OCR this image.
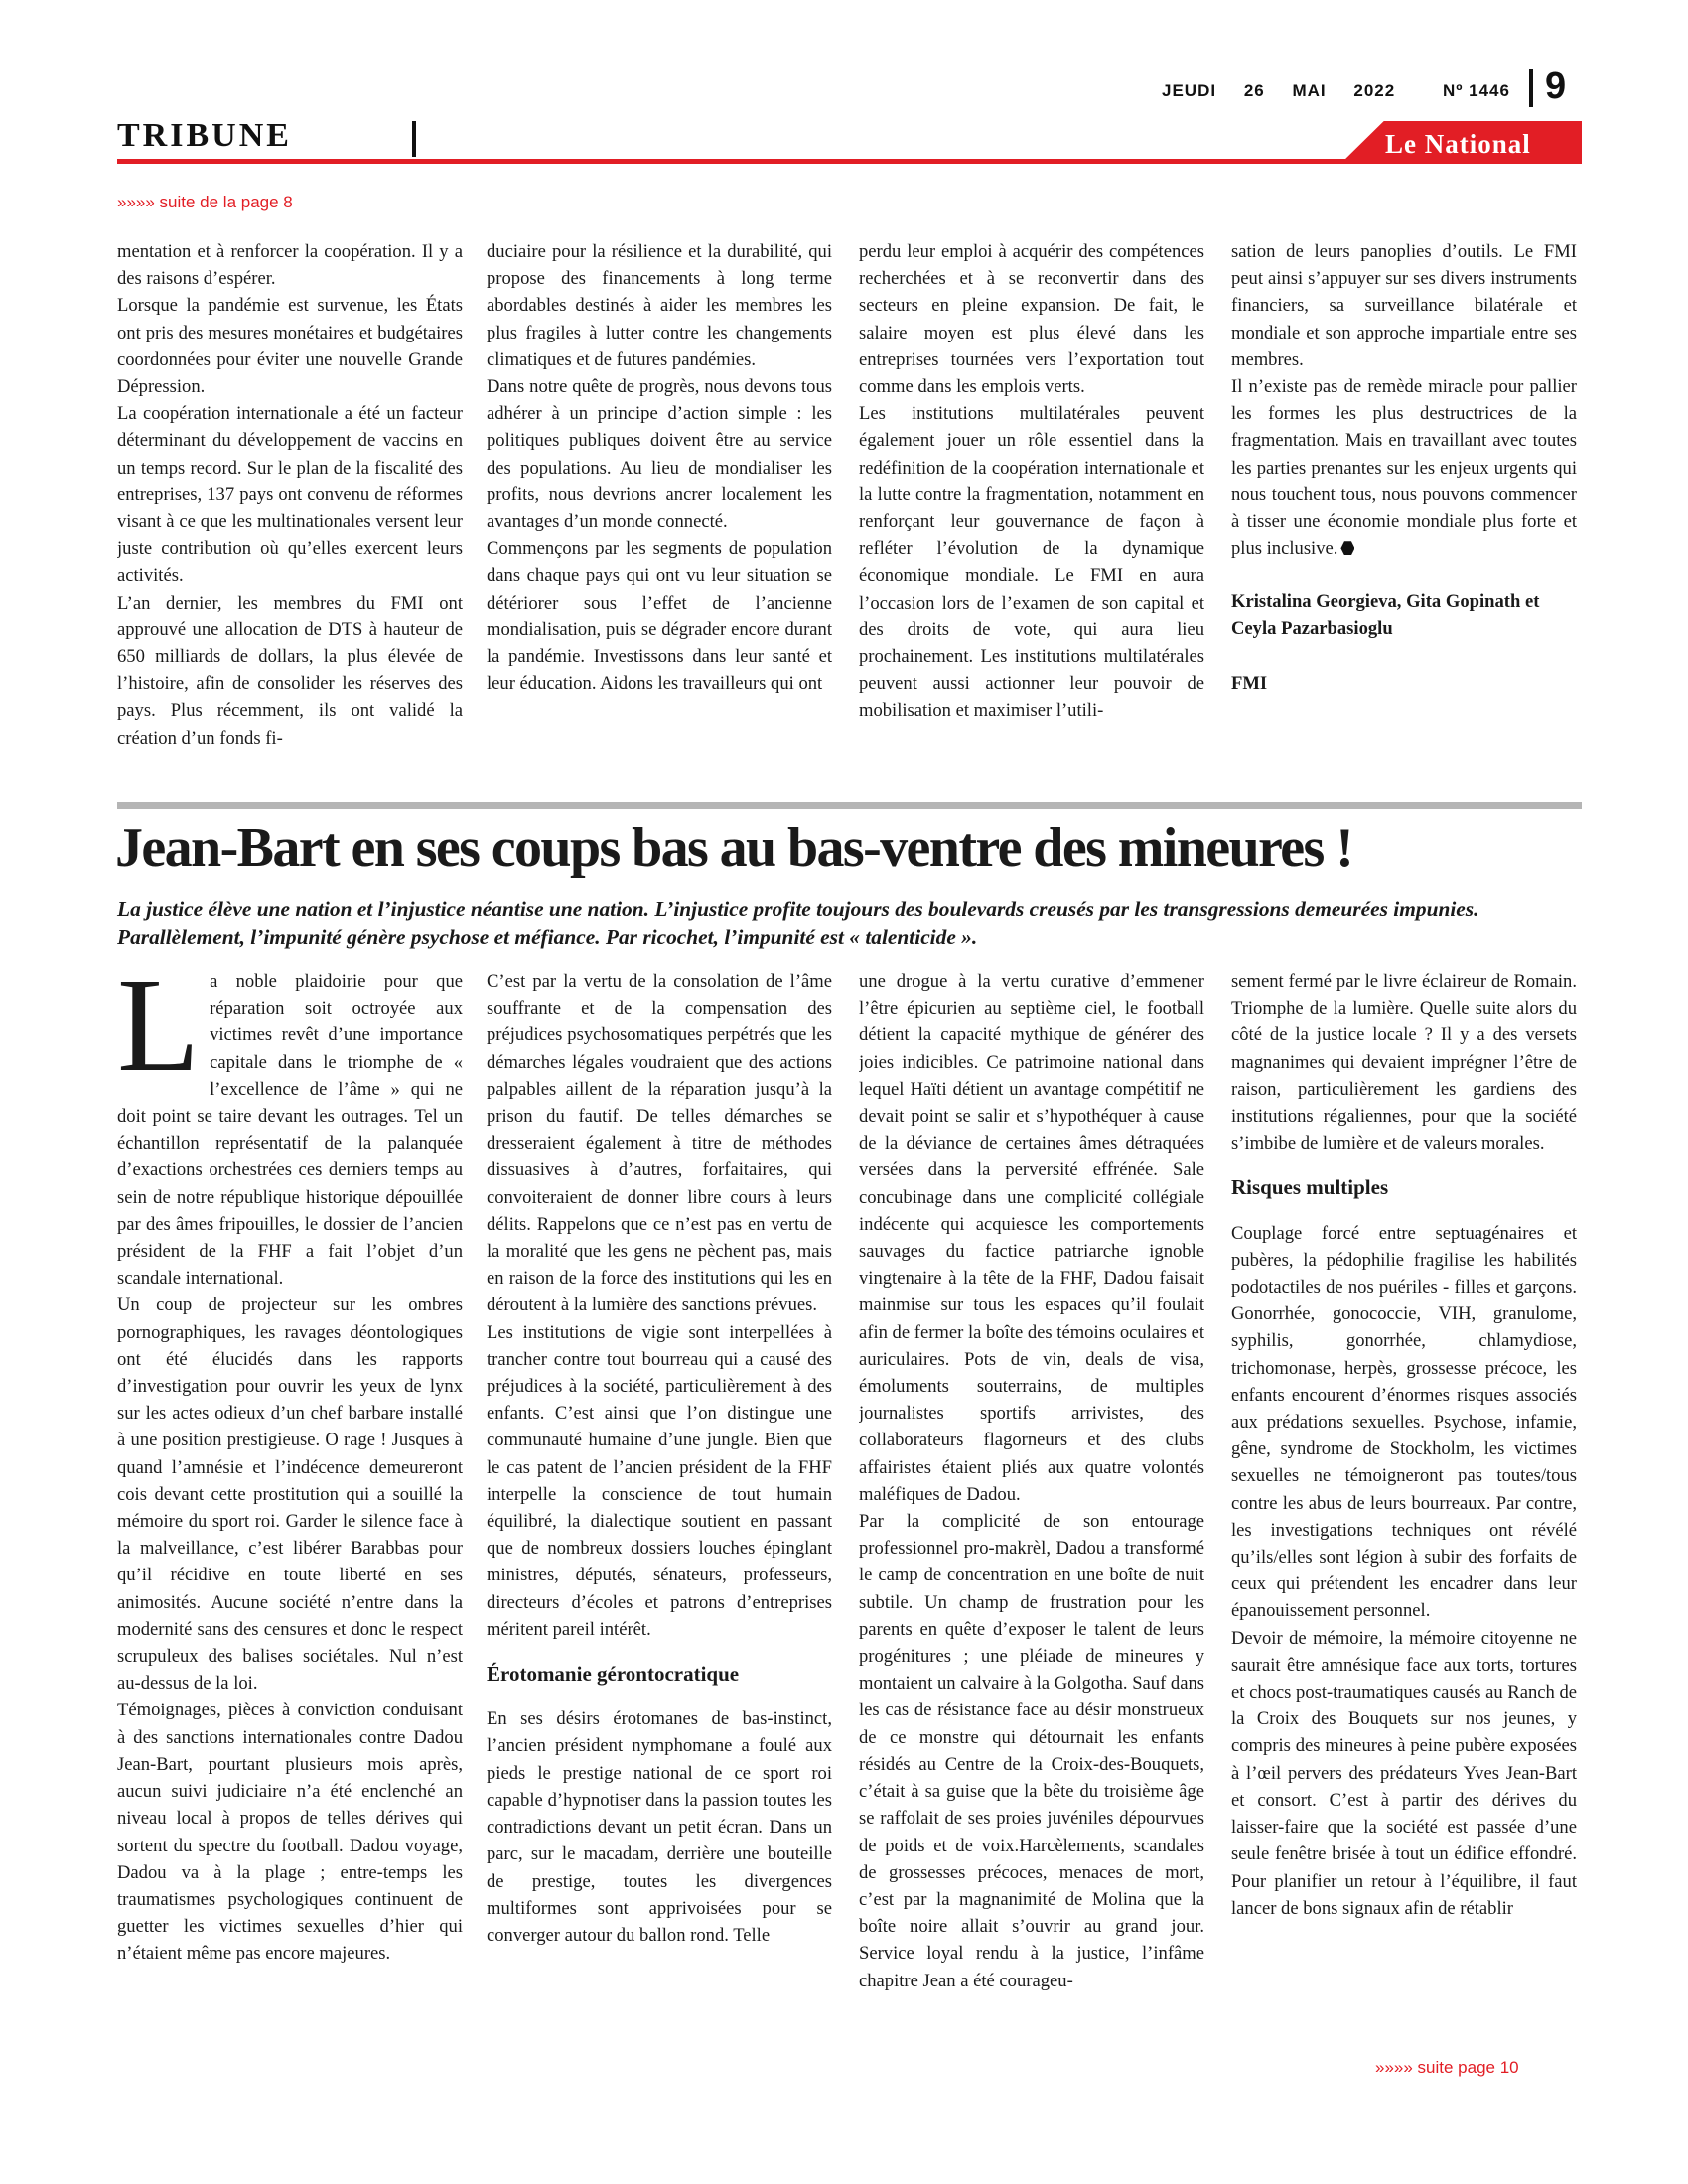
JEUDI 26 MAI 2022	Nº 1446 9
TRIBUNE	Le National
»»»» suite de la page 8

mentation et à renforcer la coopération. Il y a des raisons d’espérer.

Lorsque la pandémie est survenue, les États ont pris des mesures monétaires et budgétaires coordonnées pour éviter une nouvelle Grande Dépression.

La coopération internationale a été un facteur déterminant du développement de vaccins en un temps record. Sur le plan de la fiscalité des entreprises, 137 pays ont convenu de réformes visant à ce que les multinationales versent leur juste contribution où qu’elles exercent leurs activités.

L’an dernier, les membres du FMI ont approuvé une allocation de DTS à hauteur de 650 milliards de dollars, la plus élevée de l’histoire, afin de consolider les réserves des pays. Plus récemment, ils ont validé la création d’un fonds fi-

duciaire pour la résilience et la durabilité, qui propose des financements à long terme abordables destinés à aider les membres les plus fragiles à lutter contre les changements climatiques et de futures pandémies.

Dans notre quête de progrès, nous devons tous adhérer à un principe d’action simple : les politiques publiques doivent être au service des populations. Au lieu de mondialiser les profits, nous devrions ancrer localement les avantages d’un monde connecté.

Commençons par les segments de population dans chaque pays qui ont vu leur situation se détériorer sous l’effet de l’ancienne mondialisation, puis se dégrader encore durant la pandémie. Investissons dans leur santé et leur éducation. Aidons les travailleurs qui ont

perdu leur emploi à acquérir des compétences recherchées et à se reconvertir dans des secteurs en pleine expansion. De fait, le salaire moyen est plus élevé dans les entreprises tournées vers l’exportation tout comme dans les emplois verts.

Les institutions multilatérales peuvent également jouer un rôle essentiel dans la redéfinition de la coopération internationale et la lutte contre la fragmentation, notamment en renforçant leur gouvernance de façon à refléter l’évolution de la dynamique économique mondiale. Le FMI en aura l’occasion lors de l’examen de son capital et des droits de vote, qui aura lieu prochainement. Les institutions multilatérales peuvent aussi actionner leur pouvoir de mobilisation et maximiser l’utili-

sation de leurs panoplies d’outils. Le FMI peut ainsi s’appuyer sur ses divers instruments financiers, sa surveillance bilatérale et mondiale et son approche impartiale entre ses membres.

Il n’existe pas de remède miracle pour pallier les formes les plus destructrices de la fragmentation. Mais en travaillant avec toutes les parties prenantes sur les enjeux urgents qui nous touchent tous, nous pouvons commencer à tisser une économie mondiale plus forte et plus inclusive.

Kristalina Georgieva, Gita Gopinath et Ceyla Pazarbasioglu

FMI

Jean-Bart en ses coups bas au bas-ventre des mineures !
La justice élève une nation et l’injustice néantise une nation. L’injustice profite toujours des boulevards creusés par les transgressions demeurées impunies. Parallèlement, l’impunité génère psychose et méfiance. Par ricochet, l’impunité est « talenticide ».

La noble plaidoirie pour que réparation soit octroyée aux victimes revêt d’une importance capitale dans le triomphe de « l’excellence de l’âme » qui ne doit point se taire devant les outrages. Tel un échantillon représentatif de la palanquée d’exactions orchestrées ces derniers temps au sein de notre république historique dépouillée par des âmes fripouilles, le dossier de l’ancien président de la FHF a fait l’objet d’un scandale international.

Un coup de projecteur sur les ombres pornographiques, les ravages déontologiques ont été élucidés dans les rapports d’investigation pour ouvrir les yeux de lynx sur les actes odieux d’un chef barbare installé à une position prestigieuse. O rage ! Jusques à quand l’amnésie et l’indécence demeureront cois devant cette prostitution qui a souillé la mémoire du sport roi. Garder le silence face à la malveillance, c’est libérer Barabbas pour qu’il récidive en toute liberté en ses animosités. Aucune société n’entre dans la modernité sans des censures et donc le respect scrupuleux des balises sociétales. Nul n’est au-dessus de la loi.

Témoignages, pièces à conviction conduisant à des sanctions internationales contre Dadou Jean-Bart, pourtant plusieurs mois après, aucun suivi judiciaire n’a été enclenché an niveau local à propos de telles dérives qui sortent du spectre du football. Dadou voyage, Dadou va à la plage ; entre-temps les traumatismes psychologiques continuent de guetter les victimes sexuelles d’hier qui n’étaient même pas encore majeures.

C’est par la vertu de la consolation de l’âme souffrante et de la compensation des préjudices psychosomatiques perpétrés que les démarches légales voudraient que des actions palpables aillent de la réparation jusqu’à la prison du fautif. De telles démarches se dresseraient également à titre de méthodes dissuasives à d’autres, forfaitaires, qui convoiteraient de donner libre cours à leurs délits. Rappelons que ce n’est pas en vertu de la moralité que les gens ne pèchent pas, mais en raison de la force des institutions qui les en déroutent à la lumière des sanctions prévues.

Les institutions de vigie sont interpellées à trancher contre tout bourreau qui a causé des préjudices à la société, particulièrement à des enfants. C’est ainsi que l’on distingue une communauté humaine d’une jungle. Bien que le cas patent de l’ancien président de la FHF interpelle la conscience de tout humain équilibré, la dialectique soutient en passant que de nombreux dossiers louches épinglant ministres, députés, sénateurs, professeurs, directeurs d’écoles et patrons d’entreprises méritent pareil intérêt.

Érotomanie gérontocratique

En ses désirs érotomanes de bas-instinct, l’ancien président nymphomane a foulé aux pieds le prestige national de ce sport roi capable d’hypnotiser dans la passion toutes les contradictions devant un petit écran. Dans un parc, sur le macadam, derrière une bouteille de prestige, toutes les divergences multiformes sont apprivoisées pour se converger autour du ballon rond. Telle

une drogue à la vertu curative d’emmener l’être épicurien au septième ciel, le football détient la capacité mythique de générer des joies indicibles. Ce patrimoine national dans lequel Haïti détient un avantage compétitif ne devait point se salir et s’hypothéquer à cause de la déviance de certaines âmes détraquées versées dans la perversité effrénée. Sale concubinage dans une complicité collégiale indécente qui acquiesce les comportements sauvages du factice patriarche ignoble vingtenaire à la tête de la FHF, Dadou faisait mainmise sur tous les espaces qu’il foulait afin de fermer la boîte des témoins oculaires et auriculaires. Pots de vin, deals de visa, émoluments souterrains, de multiples journalistes sportifs arrivistes, des collaborateurs flagorneurs et des clubs affairistes étaient pliés aux quatre volontés maléfiques de Dadou.

Par la complicité de son entourage professionnel pro-makrèl, Dadou a transformé le camp de concentration en une boîte de nuit subtile. Un champ de frustration pour les parents en quête d’exposer le talent de leurs progénitures ; une pléiade de mineures y montaient un calvaire à la Golgotha. Sauf dans les cas de résistance face au désir monstrueux de ce monstre qui détournait les enfants résidés au Centre de la Croix-des-Bouquets, c’était à sa guise que la bête du troisième âge se raffolait de ses proies juvéniles dépourvues de poids et de voix.Harcèlements, scandales de grossesses précoces, menaces de mort, c’est par la magnanimité de Molina que la boîte noire allait s’ouvrir au grand jour. Service loyal rendu à la justice, l’infâme chapitre Jean a été courageu-

sement fermé par le livre éclaireur de Romain. Triomphe de la lumière. Quelle suite alors du côté de la justice locale ? Il y a des versets magnanimes qui devaient imprégner l’être de raison, particulièrement les gardiens des institutions régaliennes, pour que la société s’imbibe de lumière et de valeurs morales.

Risques multiples

Couplage forcé entre septuagénaires et pubères, la pédophilie fragilise les habilités podotactiles de nos puériles - filles et garçons. Gonorrhée, gonococcie, VIH, granulome, syphilis, gonorrhée, chlamydiose, trichomonase, herpès, grossesse précoce, les enfants encourent d’énormes risques associés aux prédations sexuelles. Psychose, infamie, gêne, syndrome de Stockholm, les victimes sexuelles ne témoigneront pas toutes/tous contre les abus de leurs bourreaux. Par contre, les investigations techniques ont révélé qu’ils/elles sont légion à subir des forfaits de ceux qui prétendent les encadrer dans leur épanouissement personnel.

Devoir de mémoire, la mémoire citoyenne ne saurait être amnésique face aux torts, tortures et chocs post-traumatiques causés au Ranch de la Croix des Bouquets sur nos jeunes, y compris des mineures à peine pubère exposées à l’œil pervers des prédateurs Yves Jean-Bart et consort. C’est à partir des dérives du laisser-faire que la société est passée d’une seule fenêtre brisée à tout un édifice effondré. Pour planifier un retour à l’équilibre, il faut lancer de bons signaux afin de rétablir

»»»» suite page 10
